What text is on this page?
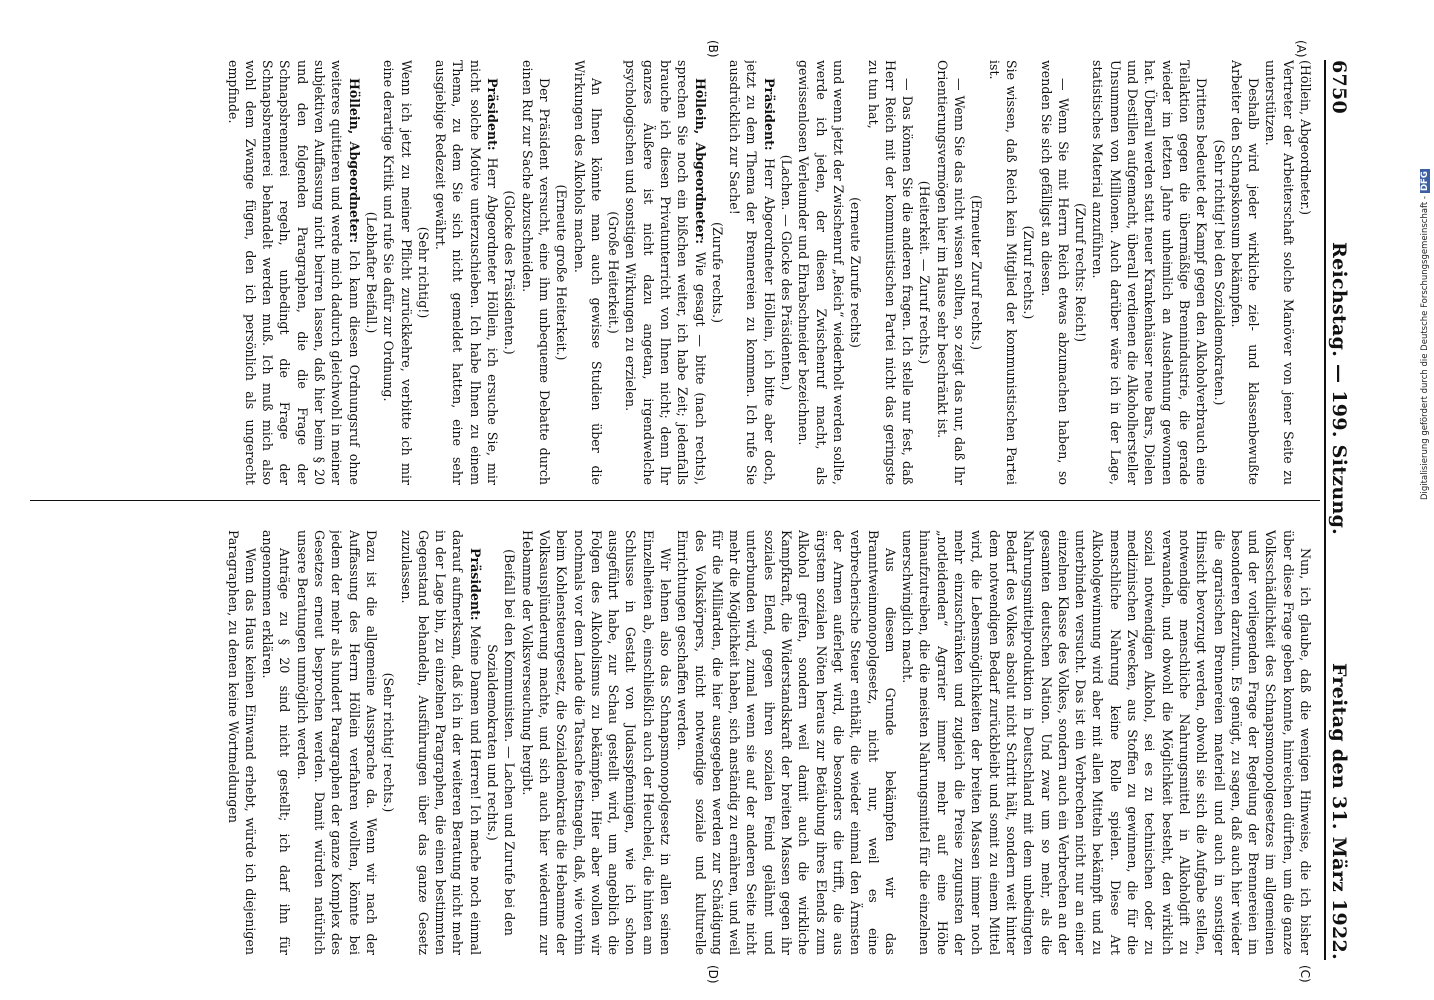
6750
Reichstag. — 199. Sitzung.
Freitag den 31. März 1922.
(A)
(B)
(C)
(D)

(Höllein, Abgeordneter.)

Vertreter der Arbeiterschaft solche Manöver von jener Seite zu unterstützen.

Deshalb wird jeder wirkliche ziel- und klassenbewußte Arbeiter den Schnapskonsum bekämpfen.

(Sehr richtig! bei den Sozialdemokraten.)

Drittens bedeutet der Kampf gegen den Alkoholverbrauch eine Teilaktion gegen die übermäßige Brennindustrie, die gerade wieder im letzten Jahre unheimlich an Ausdehnung gewonnen hat. Überall werden statt neuer Krankenhäuser neue Bars, Dielen und Destillen aufgemacht, überall verdienen die Alkoholhersteller Unsummen von Millionen. Auch darüber wäre ich in der Lage, statistisches Material anzuführen.

(Zuruf rechts: Reich!)

— Wenn Sie mit Herrn Reich etwas abzumachen haben, so wenden Sie sich gefälligst an diesen.

(Zuruf rechts.)

Sie wissen, daß Reich kein Mitglied der kommunistischen Partei ist.

(Erneuter Zuruf rechts.)

— Wenn Sie das nicht wissen sollten, so zeigt das nur, daß Ihr Orientierungsvermögen hier im Hause sehr beschränkt ist.

(Heiterkeit. — Zuruf rechts.)

— Das können Sie die anderen fragen. Ich stelle nur fest, daß Herr Reich mit der kommunistischen Partei nicht das geringste zu tun hat,

(erneute Zurufe rechts)

und wenn jetzt der Zwischenruf „Reich“ wiederholt werden sollte, werde ich jeden, der diesen Zwischenruf macht, als gewissenlosen Verleumder und Ehrabschneider bezeichnen.

(Lachen. — Glocke des Präsidenten.)

Präsident: Herr Abgeordneter Höllein, ich bitte aber doch, jetzt zu dem Thema der Brennereien zu kommen. Ich rufe Sie ausdrücklich zur Sache!

(Zurufe rechts.)

Höllein, Abgeordneter: Wie gesagt — bitte (nach rechts), sprechen Sie noch ein bißchen weiter, ich habe Zeit; jedenfalls brauche ich diesen Privatunterricht von Ihnen nicht; denn Ihr ganzes Äußere ist nicht dazu angetan, irgendwelche psychologischen und sonstigen Wirkungen zu erzielen.

(Große Heiterkeit.)

An Ihnen könnte man auch gewisse Studien über die Wirkungen des Alkohols machen.

(Erneute große Heiterkeit.)

Der Präsident versucht, eine ihm unbequeme Debatte durch einen Ruf zur Sache abzuschneiden.

(Glocke des Präsidenten.)

Präsident: Herr Abgeordneter Höllein, ich ersuche Sie, mir nicht solche Motive unterzuschieben. Ich habe Ihnen zu einem Thema, zu dem Sie sich nicht gemeldet hatten, eine sehr ausgiebige Redezeit gewährt.

(Sehr richtig!)

Wenn ich jetzt zu meiner Pflicht zurückkehre, verbitte ich mir eine derartige Kritik und rufe Sie dafür zur Ordnung.

(Lebhafter Beifall.)

Höllein, Abgeordneter: Ich kann diesen Ordnungsruf ohne weiteres quittieren und werde mich dadurch gleichwohl in meiner subjektiven Auffassung nicht beirren lassen, daß hier beim § 20 und den folgenden Paragraphen, die die Frage der Schnapsbrennerei regeln, unbedingt die Frage der Schnapsbrennerei behandelt werden muß. Ich muß mich also wohl dem Zwange fügen, den ich persönlich als ungerecht empfinde.

Nun, ich glaube, daß die wenigen Hinweise, die ich bisher über diese Frage geben konnte, hinreichen dürften, um die ganze Volksschädlichkeit des Schnapsmonopolgesetzes im allgemeinen und der vorliegenden Frage der Regelung der Brennereien im besonderen darzutun. Es genügt, zu sagen, daß auch hier wieder die agrarischen Brennereien materiell und auch in sonstiger Hinsicht bevorzugt werden, obwohl sie sich die Aufgabe stellen, notwendige menschliche Nahrungsmittel in Alkoholgift zu verwandeln, und obwohl die Möglichkeit besteht, den wirklich sozial notwendigen Alkohol, sei es zu technischen oder zu medizinischen Zwecken, aus Stoffen zu gewinnen, die für die menschliche Nahrung keine Rolle spielen. Diese Art Alkoholgewinnung wird aber mit allen Mitteln bekämpft und zu unterbinden versucht. Das ist ein Verbrechen nicht nur an einer einzelnen Klasse des Volkes, sondern auch ein Verbrechen an der gesamten deutschen Nation. Und zwar um so mehr, als die Nahrungsmittelproduktion in Deutschland mit dem unbedingten Bedarf des Volkes absolut nicht Schritt hält, sondern weit hinter dem notwendigen Bedarf zurückbleibt und somit zu einem Mittel wird, die Lebensmöglichkeiten der breiten Massen immer noch mehr einzuschränken und zugleich die Preise zugunsten der „notleidenden“ Agrarier immer mehr auf eine Höhe hinaufzutreiben, die die meisten Nahrungsmittel für die einzelnen unerschwinglich macht.

Aus diesem Grunde bekämpfen wir das Branntweinmonopolgesetz, nicht nur, weil es eine verbrecherische Steuer enthält, die wieder einmal den Ärmsten der Armen auferlegt wird, die besonders die trifft, die aus ärgstem sozialen Nöten heraus zur Betäubung ihres Elends zum Alkohol greifen, sondern weil damit auch die wirkliche Kampfkraft, die Widerstandskraft der breiten Massen gegen ihr soziales Elend, gegen ihren sozialen Feind gelähmt und unterbunden wird, zumal wenn sie auf der anderen Seite nicht mehr die Möglichkeit haben, sich anständig zu ernähren, und weil für die Milliarden, die hier ausgegeben werden zur Schädigung des Volkskörpers, nicht notwendige soziale und kulturelle Einrichtungen geschaffen werden.

Wir lehnen also das Schnapsmonopolgesetz in allen seinen Einzelheiten ab, einschließlich auch der Heuchelei, die hinten am Schlusse in Gestalt von Judasspfennigen, wie ich schon ausgeführt habe, zur Schau gestellt wird, um angeblich die Folgen des Alkoholismus zu bekämpfen. Hier aber wollen wir nochmals vor dem Lande die Tatsache festnageln, daß, wie vorhin beim Kohlensteuergesetz, die Sozialdemokratie die Hebamme der Volksausplünderung machte, und sich auch hier wiederum zur Hebamme der Volksverseuchung hergibt.

(Beifall bei den Kommunisten. — Lachen und Zurufe bei den Sozialdemokraten und rechts.)

Präsident: Meine Damen und Herren! Ich mache noch einmal darauf aufmerksam, daß ich in der weiteren Beratung nicht mehr in der Lage bin, zu einzelnen Paragraphen, die einen bestimmten Gegenstand behandeln, Ausführungen über das ganze Gesetz zuzulassen.

(Sehr richtig! rechts.)

Dazu ist die allgemeine Aussprache da. Wenn wir nach der Auffassung des Herrn Höllein verfahren wollten, könnte bei jedem der mehr als hundert Paragraphen der ganze Komplex des Gesetzes erneut besprochen werden. Damit würden natürlich unsere Beratungen unmöglich werden.

Anträge zu § 20 sind nicht gestellt; ich darf ihn für angenommen erklären.

Wenn das Haus keinen Einwand erhebt, würde ich diejenigen Paragraphen, zu denen keine Wortmeldungen

Digitalisierung gefördert durch die Deutsche Forschungsgemeinschaft -DFG
